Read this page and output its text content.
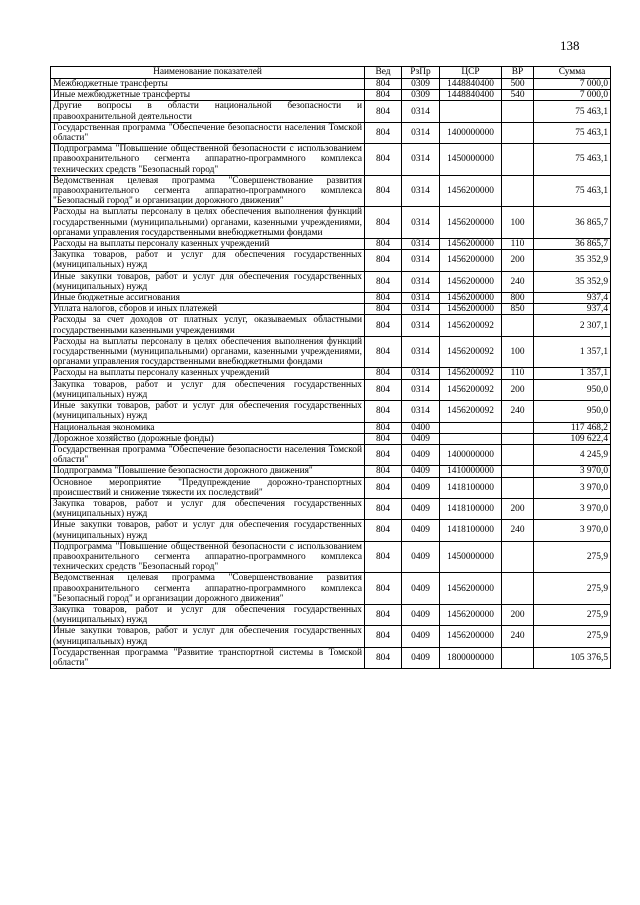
138
Наименование показателей	Вед	РзПр	ЦСР	ВР	Сумма
Межбюджетные трансферты	804	0309	1448840400	500	7 000,0
Иные межбюджетные трансферты	804	0309	1448840400	540	7 000,0
Другие вопросы в области национальной безопасности и правоохранительной деятельности	804	0314			75 463,1
Государственная программа "Обеспечение безопасности населения Томской области"	804	0314	1400000000		75 463,1
Подпрограмма "Повышение общественной безопасности с использованием правоохранительного сегмента аппаратно-программного комплекса технических средств "Безопасный город"	804	0314	1450000000		75 463,1
Ведомственная целевая программа "Совершенствование развития правоохранительного сегмента аппаратно-программного комплекса "Безопасный город" и организации дорожного движения"	804	0314	1456200000		75 463,1
Расходы на выплаты персоналу в целях обеспечения выполнения функций государственными (муниципальными) органами, казенными учреждениями, органами управления государственными внебюджетными фондами	804	0314	1456200000	100	36 865,7
Расходы на выплаты персоналу казенных учреждений	804	0314	1456200000	110	36 865,7
Закупка товаров, работ и услуг для обеспечения государственных (муниципальных) нужд	804	0314	1456200000	200	35 352,9
Иные закупки товаров, работ и услуг для обеспечения государственных (муниципальных) нужд	804	0314	1456200000	240	35 352,9
Иные бюджетные ассигнования	804	0314	1456200000	800	937,4
Уплата налогов, сборов и иных платежей	804	0314	1456200000	850	937,4
Расходы за счет доходов от платных услуг, оказываемых областными государственными казенными учреждениями	804	0314	1456200092		2 307,1
Расходы на выплаты персоналу в целях обеспечения выполнения функций государственными (муниципальными) органами, казенными учреждениями, органами управления государственными внебюджетными фондами	804	0314	1456200092	100	1 357,1
Расходы на выплаты персоналу казенных учреждений	804	0314	1456200092	110	1 357,1
Закупка товаров, работ и услуг для обеспечения государственных (муниципальных) нужд	804	0314	1456200092	200	950,0
Иные закупки товаров, работ и услуг для обеспечения государственных (муниципальных) нужд	804	0314	1456200092	240	950,0
Национальная экономика	804	0400			117 468,2
Дорожное хозяйство (дорожные фонды)	804	0409			109 622,4
Государственная программа "Обеспечение безопасности населения Томской области"	804	0409	1400000000		4 245,9
Подпрограмма "Повышение безопасности дорожного движения"	804	0409	1410000000		3 970,0
Основное мероприятие "Предупреждение дорожно-транспортных происшествий и снижение тяжести их последствий"	804	0409	1418100000		3 970,0
Закупка товаров, работ и услуг для обеспечения государственных (муниципальных) нужд	804	0409	1418100000	200	3 970,0
Иные закупки товаров, работ и услуг для обеспечения государственных (муниципальных) нужд	804	0409	1418100000	240	3 970,0
Подпрограмма "Повышение общественной безопасности с использованием правоохранительного сегмента аппаратно-программного комплекса технических средств "Безопасный город"	804	0409	1450000000		275,9
Ведомственная целевая программа "Совершенствование развития правоохранительного сегмента аппаратно-программного комплекса "Безопасный город" и организации дорожного движения"	804	0409	1456200000		275,9
Закупка товаров, работ и услуг для обеспечения государственных (муниципальных) нужд	804	0409	1456200000	200	275,9
Иные закупки товаров, работ и услуг для обеспечения государственных (муниципальных) нужд	804	0409	1456200000	240	275,9
Государственная программа "Развитие транспортной системы в Томской области"	804	0409	1800000000		105 376,5
